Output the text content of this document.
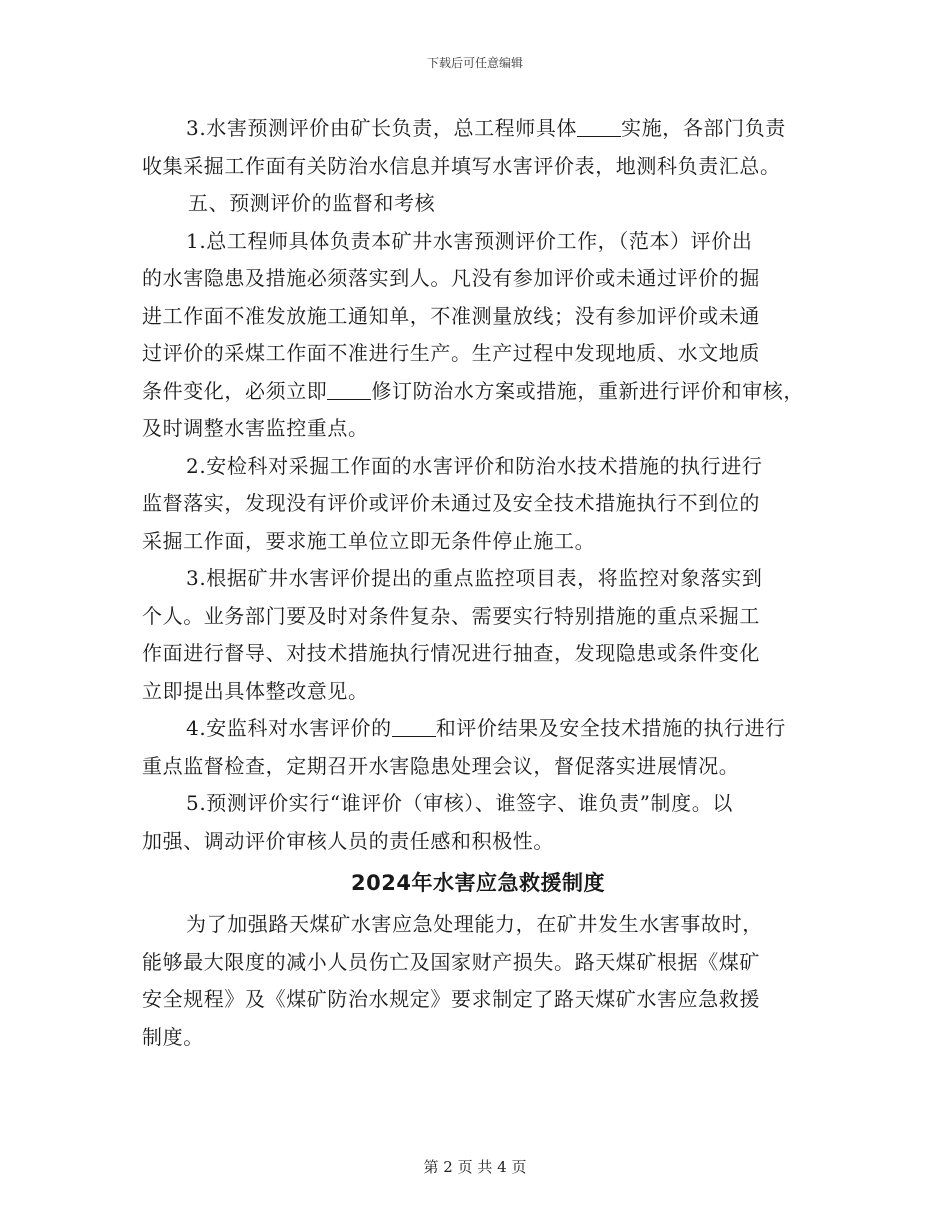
下载后可任意编辑
3.水害预测评价由矿长负责，总工程师具体 实施，各部门负责
收集采掘工作面有关防治水信息并填写水害评价表，地测科负责汇总。
五、预测评价的监督和考核
1.总工程师具体负责本矿井水害预测评价工作，（范本）评价出
的水害隐患及措施必须落实到人。凡没有参加评价或未通过评价的掘
进工作面不准发放施工通知单，不准测量放线；没有参加评价或未通
过评价的采煤工作面不准进行生产。生产过程中发现地质、水文地质
条件变化，必须立即 修订防治水方案或措施，重新进行评价和审核，
及时调整水害监控重点。
2.安检科对采掘工作面的水害评价和防治水技术措施的执行进行
监督落实，发现没有评价或评价未通过及安全技术措施执行不到位的
采掘工作面，要求施工单位立即无条件停止施工。
3.根据矿井水害评价提出的重点监控项目表，将监控对象落实到
个人。业务部门要及时对条件复杂、需要实行特别措施的重点采掘工
作面进行督导、对技术措施执行情况进行抽查，发现隐患或条件变化
立即提出具体整改意见。
4.安监科对水害评价的 和评价结果及安全技术措施的执行进行
重点监督检查，定期召开水害隐患处理会议，督促落实进展情况。
5.预测评价实行“谁评价（审核）、谁签字、谁负责”制度。以
加强、调动评价审核人员的责任感和积极性。
2024年水害应急救援制度
为了加强路天煤矿水害应急处理能力，在矿井发生水害事故时，
能够最大限度的减小人员伤亡及国家财产损失。路天煤矿根据《煤矿
安全规程》及《煤矿防治水规定》要求制定了路天煤矿水害应急救援
制度。
第 2 页 共 4 页
